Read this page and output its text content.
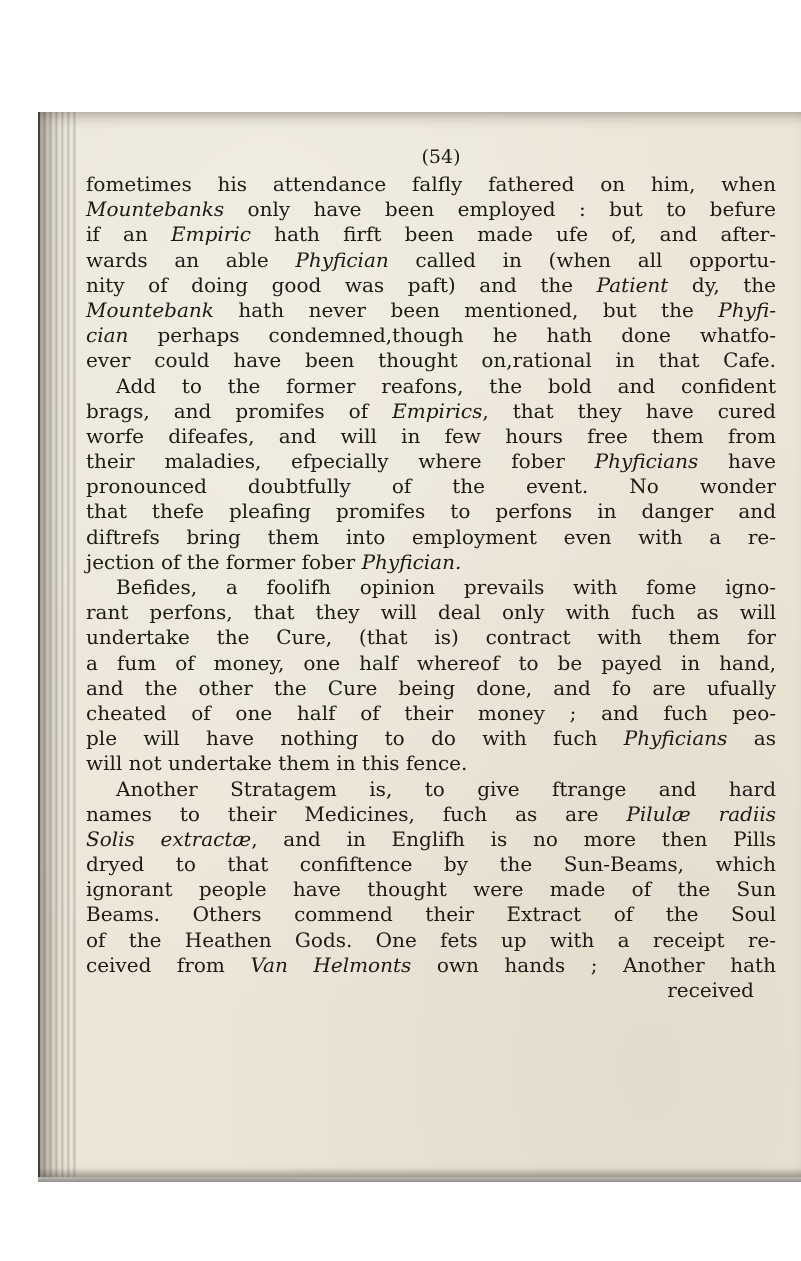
(54)
fometimes his attendance falfly fathered on him, when
Mountebanks only have been employed : but to befure
if an Empiric hath firft been made ufe of, and after-
wards an able Phyfician called in (when all opportu-
nity of doing good was paft) and the Patient dy, the
Mountebank hath never been mentioned, but the Phyfi-
cian perhaps condemned,though he hath done whatfo-
ever could have been thought on,rational in that Cafe.
Add to the former reafons, the bold and confident
brags, and promifes of Empirics, that they have cured
worfe difeafes, and will in few hours free them from
their maladies, efpecially where fober Phyficians have
pronounced doubtfully of the event. No wonder
that thefe pleafing promifes to perfons in danger and
diftrefs bring them into employment even with a re-
jection of the former fober Phyfician.
Befides, a foolifh opinion prevails with fome igno-
rant perfons, that they will deal only with fuch as will
undertake the Cure, (that is) contract with them for
a fum of money, one half whereof to be payed in hand,
and the other the Cure being done, and fo are ufually
cheated of one half of their money ; and fuch peo-
ple will have nothing to do with fuch Phyficians as
will not undertake them in this fence.
Another Stratagem is, to give ftrange and hard
names to their Medicines, fuch as are Pilulæ radiis
Solis extractæ, and in Englifh is no more then Pills
dryed to that confiftence by the Sun-Beams, which
ignorant people have thought were made of the Sun
Beams. Others commend their Extract of the Soul
of the Heathen Gods. One fets up with a receipt re-
ceived from Van Helmonts own hands ; Another hath
received
